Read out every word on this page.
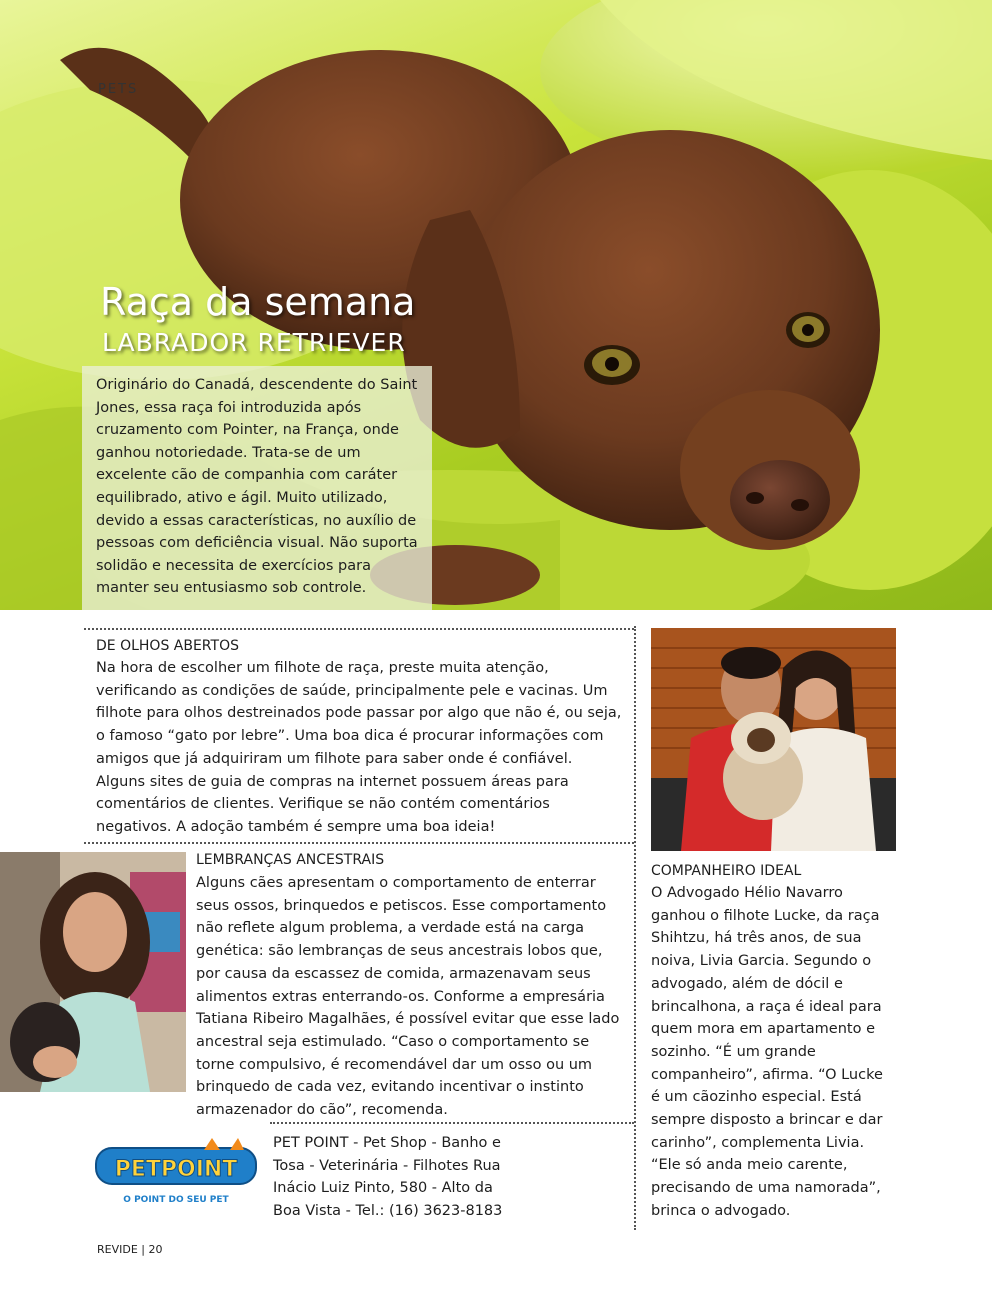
PETS
Raça da semana
LABRADOR RETRIEVER
Originário do Canadá, descendente do Saint Jones, essa raça foi introduzida após cruzamento com Pointer, na França, onde ganhou notoriedade. Trata-se de um excelente cão de companhia com caráter equilibrado, ativo e ágil. Muito utilizado, devido a essas características, no auxílio de pessoas com deficiência visual. Não suporta solidão e necessita de exercícios para manter seu entusiasmo sob controle.
DE OLHOS ABERTOS
Na hora de escolher um filhote de raça, preste muita atenção, verificando as condições de saúde, principalmente pele e vacinas. Um filhote para olhos destreinados pode passar por algo que não é, ou seja, o famoso “gato por lebre”. Uma boa dica é procurar informações com amigos que já adquiriram um filhote para saber onde é confiável. Alguns sites de guia de compras na internet possuem áreas para comentários de clientes. Verifique se não contém comentários negativos. A adoção também é sempre uma boa ideia!
LEMBRANÇAS ANCESTRAIS
Alguns cães apresentam o comportamento de enterrar seus ossos, brinquedos e petiscos. Esse comportamento não reflete algum problema, a verdade está na carga genética: são lembranças de seus ancestrais lobos que, por causa da escassez de comida, armazenavam seus alimentos extras enterrando-os. Conforme a empresária Tatiana Ribeiro Magalhães, é possível evitar que esse lado ancestral seja estimulado. “Caso o comportamento se torne compulsivo, é recomendável dar um osso ou um brinquedo de cada vez, evitando incentivar o instinto armazenador do cão”, recomenda.
COMPANHEIRO IDEAL
O Advogado Hélio Navarro ganhou o filhote Lucke, da raça Shihtzu, há três anos, de sua noiva, Livia Garcia. Segundo o advogado, além de dócil e brincalhona, a raça é ideal para quem mora em apartamento e sozinho. “É um grande companheiro”, afirma. “O Lucke é um cãozinho especial. Está sempre disposto a brincar e dar carinho”, complementa Livia. “Ele só anda meio carente, precisando de uma namorada”, brinca o advogado.
PETPOINT
O POINT DO SEU PET
PET POINT - Pet Shop - Banho e Tosa - Veterinária - Filhotes Rua Inácio Luiz Pinto, 580 - Alto da Boa Vista - Tel.: (16) 3623-8183
REVIDE | 20
